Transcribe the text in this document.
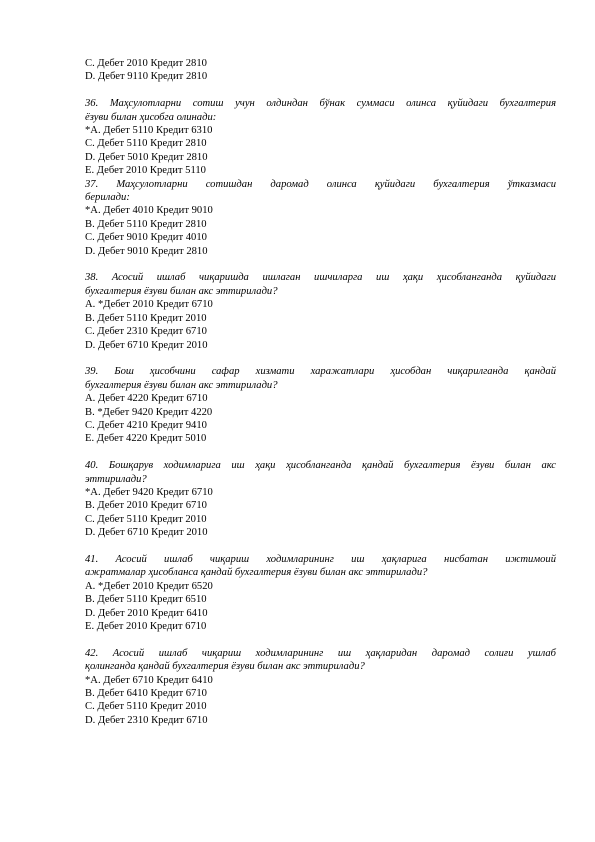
C. Дебет 2010 Кредит 2810
D. Дебет 9110 Кредит 2810
36. Маҳсулотларни сотиш учун олдиндан бўнак суммаси олинса қуйидаги бухгалтерия
ёзуви билан ҳисобга олинади:
*A. Дебет 5110 Кредит 6310
C. Дебет 5110 Кредит 2810
D. Дебет 5010 Кредит 2810
E. Дебет 2010 Кредит 5110
37. Маҳсулотларни сотишдан даромад олинса қуйидаги бухгалтерия ўтказмаси
берилади:
*A. Дебет 4010 Кредит 9010
B. Дебет 5110 Кредит 2810
C. Дебет 9010 Кредит 4010
D. Дебет 9010 Кредит 2810
38. Асосий ишлаб чиқаришда ишлаган ишчиларга иш ҳақи ҳисобланганда қуйидаги
бухгалтерия ёзуви билан акс эттирилади?
A. *Дебет 2010 Кредит 6710
B. Дебет 5110 Кредит 2010
C. Дебет 2310 Кредит 6710
D. Дебет 6710 Кредит 2010
39. Бош ҳисобчини сафар хизмати харажатлари ҳисобдан чиқарилганда қандай
бухгалтерия ёзуви билан акс эттирилади?
A. Дебет 4220 Кредит 6710
B. *Дебет 9420 Кредит 4220
C. Дебет 4210 Кредит 9410
E. Дебет 4220 Кредит 5010
40. Бошқарув ходимларига иш ҳақи ҳисобланганда қандай бухгалтерия ёзуви билан акс
эттирилади?
*A. Дебет 9420 Кредит 6710
B. Дебет 2010 Кредит 6710
C. Дебет 5110 Кредит 2010
D. Дебет 6710 Кредит 2010
41. Асосий ишлаб чиқариш ходимларининг иш ҳақларига нисбатан ижтимоий
ажратмалар ҳисобланса қандай бухгалтерия ёзуви билан акс эттирилади?
A. *Дебет 2010 Кредит 6520
B. Дебет 5110 Кредит 6510
D. Дебет 2010 Кредит 6410
E. Дебет 2010 Кредит 6710
42. Асосий ишлаб чиқариш ходимларининг иш ҳақларидан даромад солиғи ушлаб
қолинганда қандай бухгалтерия ёзуви билан акс эттирилади?
*A. Дебет 6710 Кредит 6410
B. Дебет 6410 Кредит 6710
C. Дебет 5110 Кредит 2010
D. Дебет 2310 Кредит 6710
